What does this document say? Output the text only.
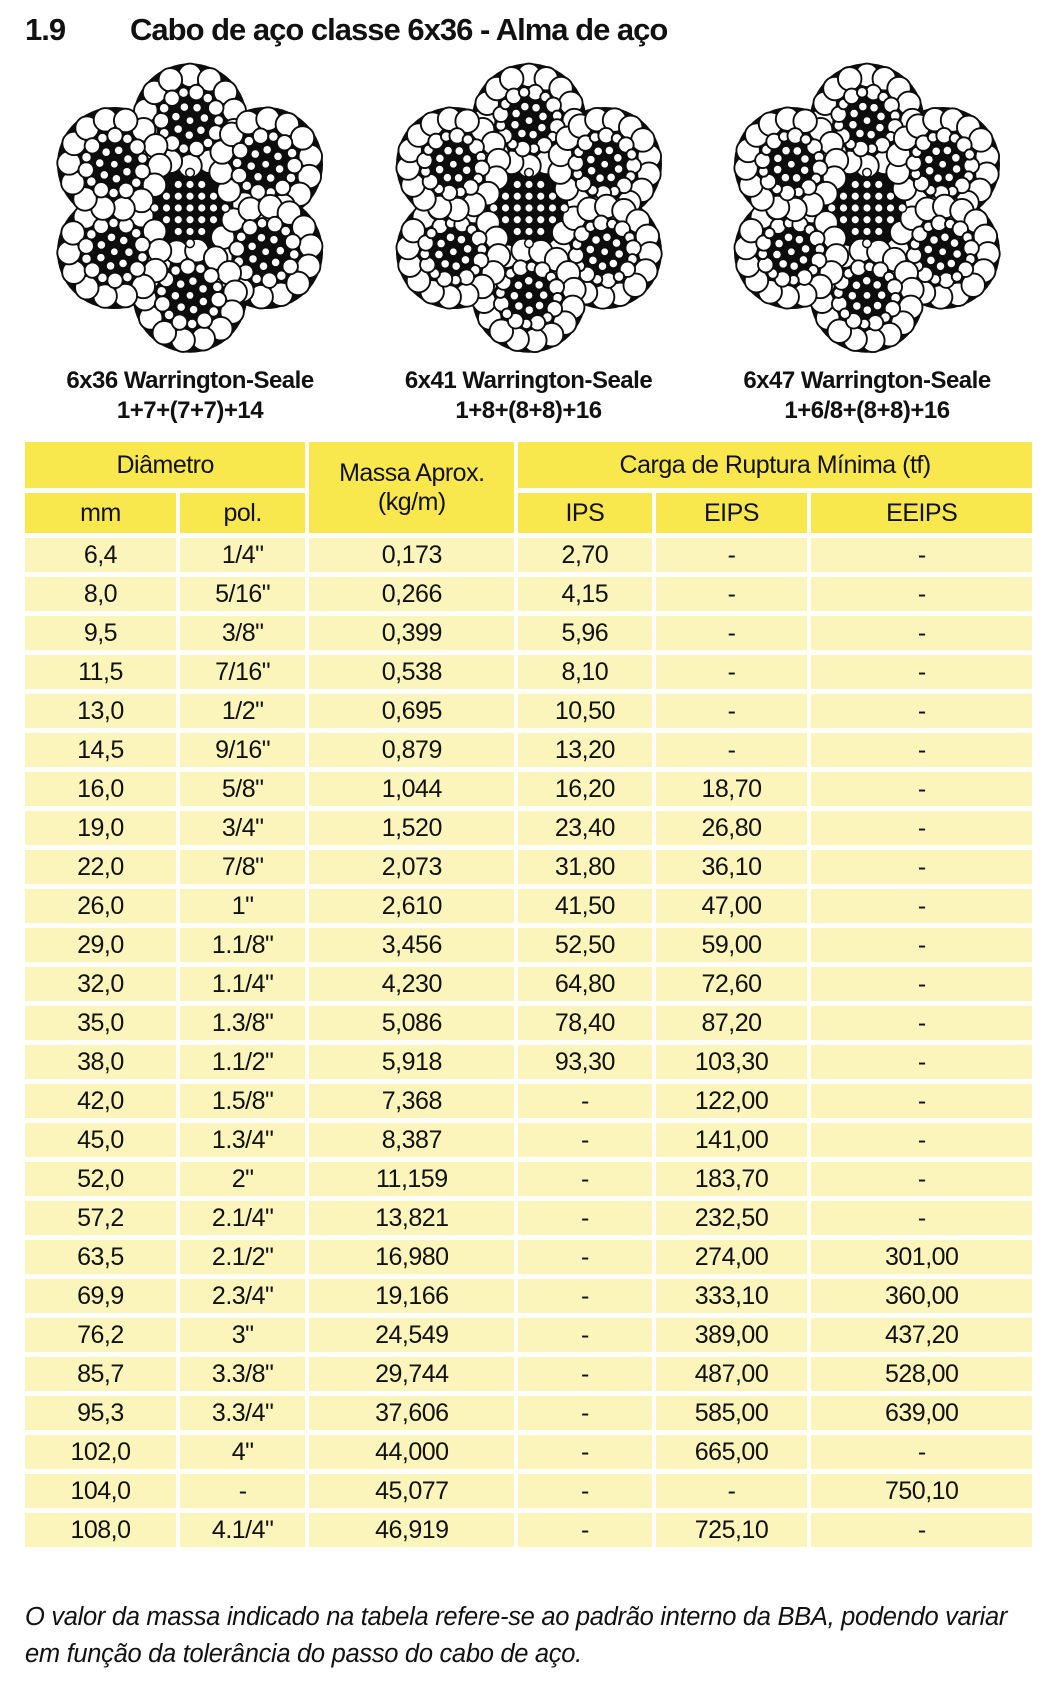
1.9	Cabo de aço classe 6x36 - Alma de aço
6x36 Warrington-Seale
1+7+(7+7)+14
6x41 Warrington-Seale
1+8+(8+8)+16
6x47 Warrington-Seale
1+6/8+(8+8)+16
Diâmetro	Massa Aprox.
(kg/m)
Carga de Ruptura Mínima (tf)
mm	pol.	IPS	EIPS	EEIPS
6,4	1/4"	0,173	2,70	-	-
8,0	5/16"	0,266	4,15	-	-
9,5	3/8"	0,399	5,96	-	-
11,5	7/16"	0,538	8,10	-	-
13,0	1/2"	0,695	10,50	-	-
14,5	9/16"	0,879	13,20	-	-
16,0	5/8"	1,044	16,20	18,70	-
19,0	3/4"	1,520	23,40	26,80	-
22,0	7/8"	2,073	31,80	36,10	-
26,0	1"	2,610	41,50	47,00	-
29,0	1.1/8"	3,456	52,50	59,00	-
32,0	1.1/4"	4,230	64,80	72,60	-
35,0	1.3/8"	5,086	78,40	87,20	-
38,0	1.1/2"	5,918	93,30	103,30	-
42,0	1.5/8"	7,368	-	122,00	-
45,0	1.3/4"	8,387	-	141,00	-
52,0	2"	11,159	-	183,70	-
57,2	2.1/4"	13,821	-	232,50	-
63,5	2.1/2"	16,980	-	274,00	301,00
69,9	2.3/4"	19,166	-	333,10	360,00
76,2	3"	24,549	-	389,00	437,20
85,7	3.3/8"	29,744	-	487,00	528,00
95,3	3.3/4"	37,606	-	585,00	639,00
102,0	4"	44,000	-	665,00	-
104,0	-	45,077	-	-	750,10
108,0	4.1/4"	46,919	-	725,10	-
O valor da massa indicado na tabela refere-se ao padrão interno da BBA, podendo variar em função da tolerância do passo do cabo de aço.
